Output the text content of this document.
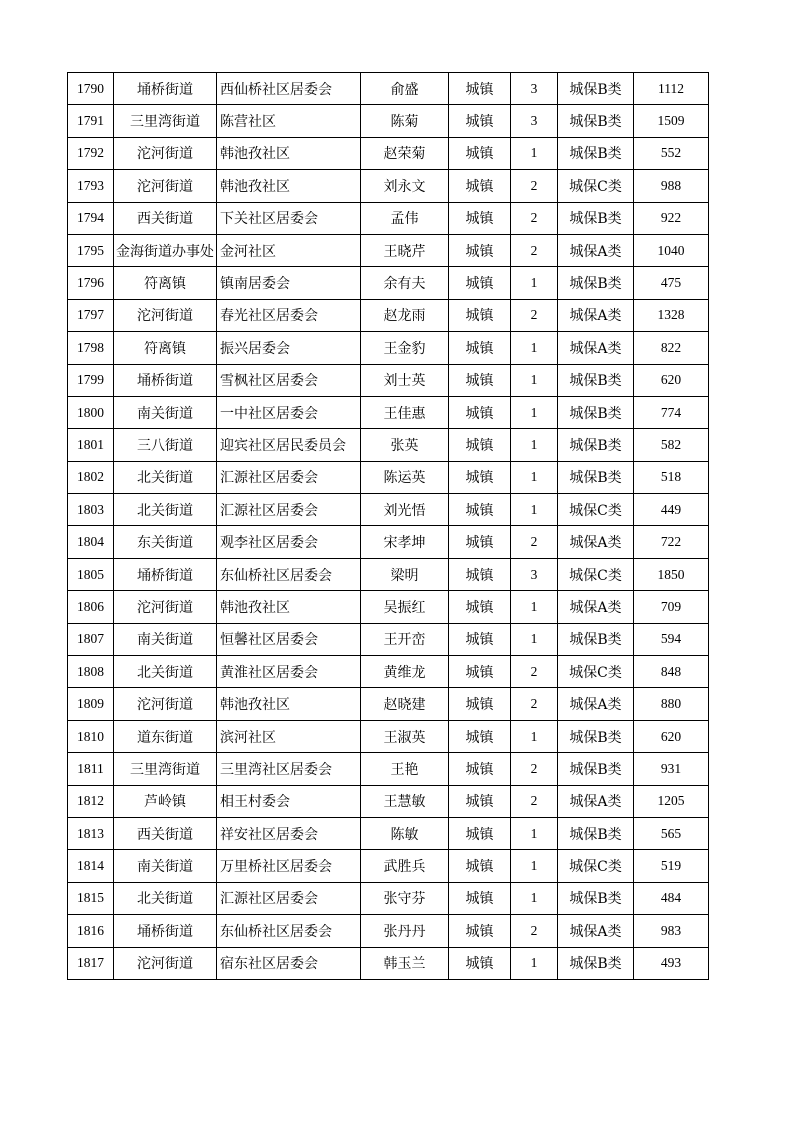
1790	埇桥街道	西仙桥社区居委会	俞盛	城镇	3	城保B类	1112
1791	三里湾街道	陈营社区	陈菊	城镇	3	城保B类	1509
1792	沱河街道	韩池孜社区	赵荣菊	城镇	1	城保B类	552
1793	沱河街道	韩池孜社区	刘永文	城镇	2	城保C类	988
1794	西关街道	下关社区居委会	孟伟	城镇	2	城保B类	922
1795	金海街道办事处	金河社区	王晓芹	城镇	2	城保A类	1040
1796	符离镇	镇南居委会	余有夫	城镇	1	城保B类	475
1797	沱河街道	春光社区居委会	赵龙雨	城镇	2	城保A类	1328
1798	符离镇	振兴居委会	王金豹	城镇	1	城保A类	822
1799	埇桥街道	雪枫社区居委会	刘士英	城镇	1	城保B类	620
1800	南关街道	一中社区居委会	王佳惠	城镇	1	城保B类	774
1801	三八街道	迎宾社区居民委员会	张英	城镇	1	城保B类	582
1802	北关街道	汇源社区居委会	陈运英	城镇	1	城保B类	518
1803	北关街道	汇源社区居委会	刘光悟	城镇	1	城保C类	449
1804	东关街道	观李社区居委会	宋孝坤	城镇	2	城保A类	722
1805	埇桥街道	东仙桥社区居委会	梁明	城镇	3	城保C类	1850
1806	沱河街道	韩池孜社区	吴振红	城镇	1	城保A类	709
1807	南关街道	恒馨社区居委会	王开峦	城镇	1	城保B类	594
1808	北关街道	黄淮社区居委会	黄维龙	城镇	2	城保C类	848
1809	沱河街道	韩池孜社区	赵晓建	城镇	2	城保A类	880
1810	道东街道	滨河社区	王淑英	城镇	1	城保B类	620
1811	三里湾街道	三里湾社区居委会	王艳	城镇	2	城保B类	931
1812	芦岭镇	相王村委会	王慧敏	城镇	2	城保A类	1205
1813	西关街道	祥安社区居委会	陈敏	城镇	1	城保B类	565
1814	南关街道	万里桥社区居委会	武胜兵	城镇	1	城保C类	519
1815	北关街道	汇源社区居委会	张守芬	城镇	1	城保B类	484
1816	埇桥街道	东仙桥社区居委会	张丹丹	城镇	2	城保A类	983
1817	沱河街道	宿东社区居委会	韩玉兰	城镇	1	城保B类	493
